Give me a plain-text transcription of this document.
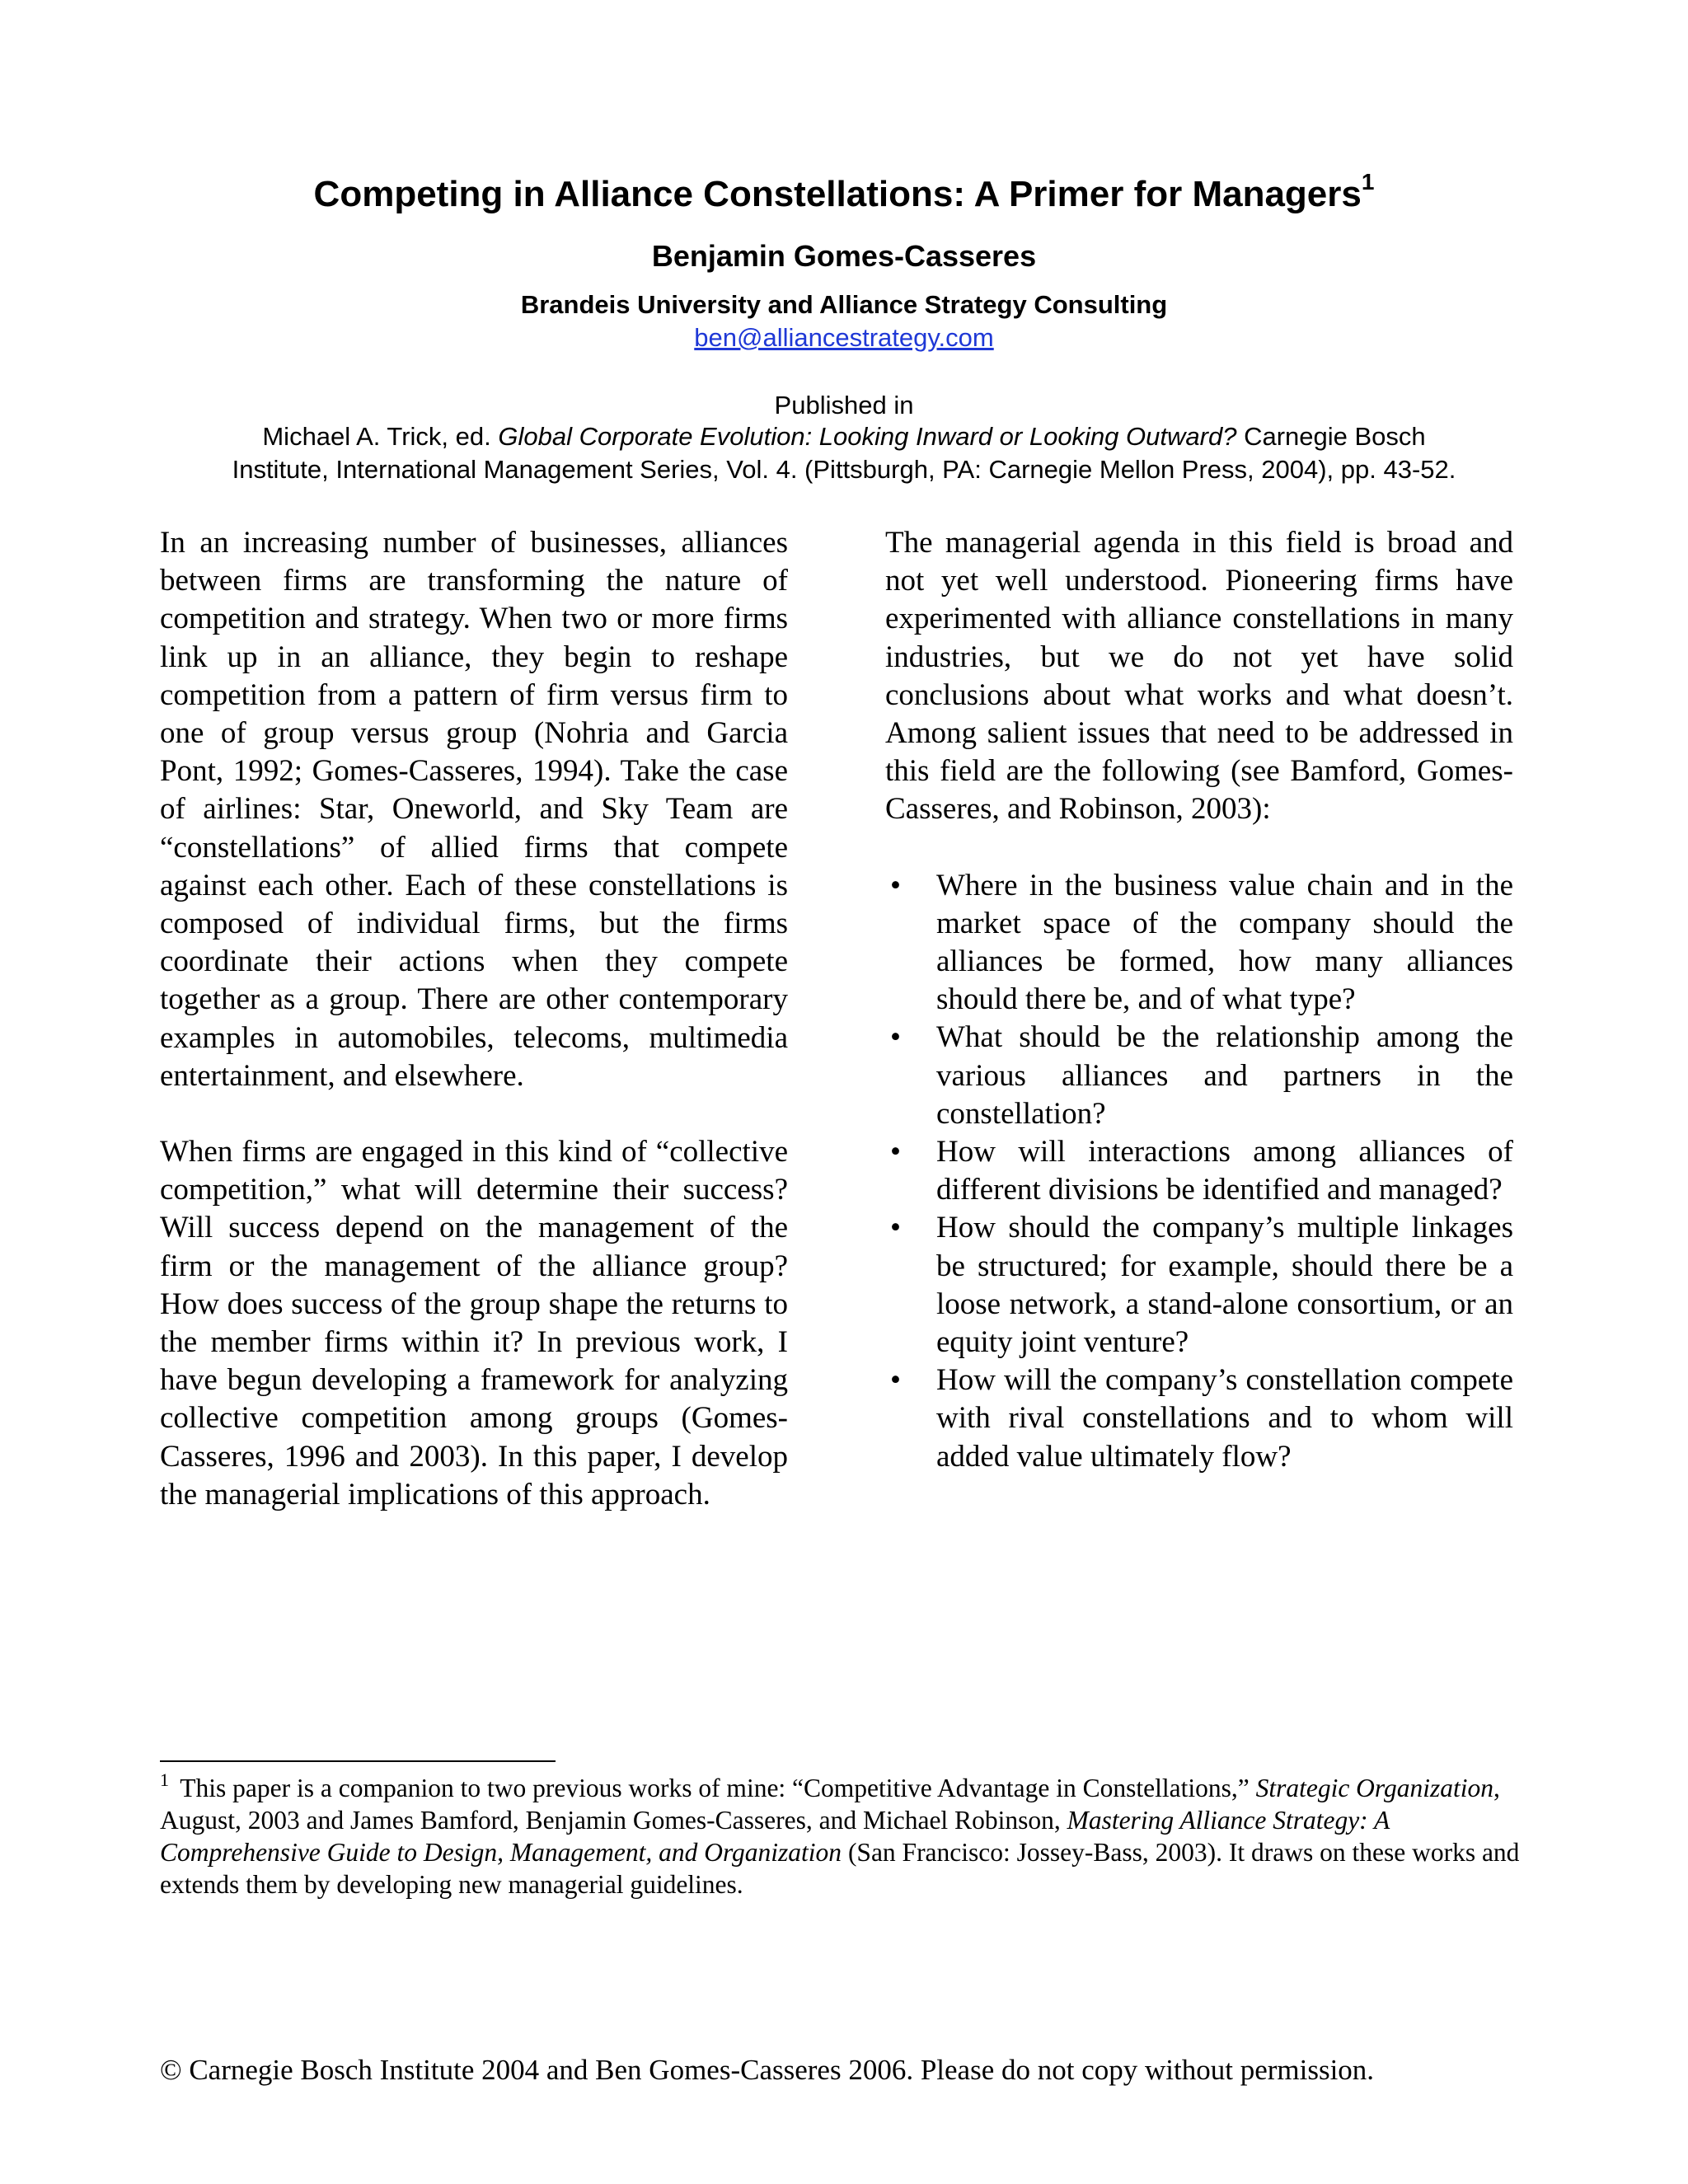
Competing in Alliance Constellations: A Primer for Managers$^1$
Benjamin Gomes-Casseres
Brandeis University and Alliance Strategy Consulting
ben@alliancestrategy.com
Published in
Michael A. Trick, ed. Global Corporate Evolution: Looking Inward or Looking Outward? Carnegie Bosch
Institute, International Management Series, Vol. 4. (Pittsburgh, PA: Carnegie Mellon Press, 2004), pp. 43-52.

In an increasing number of businesses, alliances between firms are transforming the nature of competition and strategy. When two or more firms link up in an alliance, they begin to reshape competition from a pattern of firm versus firm to one of group versus group (Nohria and Garcia Pont, 1992; Gomes-Casseres, 1994). Take the case of airlines: Star, Oneworld, and Sky Team are “constellations” of allied firms that compete against each other. Each of these constellations is composed of individual firms, but the firms coordinate their actions when they compete together as a group. There are other contemporary examples in automobiles, telecoms, multimedia entertainment, and elsewhere.

When firms are engaged in this kind of “collective competition,” what will determine their success? Will success depend on the management of the firm or the management of the alliance group? How does success of the group shape the returns to the member firms within it? In previous work, I have begun developing a framework for analyzing collective competition among groups (Gomes-Casseres, 1996 and 2003). In this paper, I develop the managerial implications of this approach.

The managerial agenda in this field is broad and not yet well understood. Pioneering firms have experimented with alliance constellations in many industries, but we do not yet have solid conclusions about what works and what doesn’t. Among salient issues that need to be addressed in this field are the following (see Bamford, Gomes-Casseres, and Robinson, 2003):

• Where in the business value chain and in the market space of the company should the alliances be formed, how many alliances should there be, and of what type?
• What should be the relationship among the various alliances and partners in the constellation?
• How will interactions among alliances of different divisions be identified and managed?
• How should the company’s multiple linkages be structured; for example, should there be a loose network, a stand-alone consortium, or an equity joint venture?
• How will the company’s constellation compete with rival constellations and to whom will added value ultimately flow?
$^1$ This paper is a companion to two previous works of mine: “Competitive Advantage in Constellations,” Strategic Organization, August, 2003 and James Bamford, Benjamin Gomes-Casseres, and Michael Robinson, Mastering Alliance Strategy: A Comprehensive Guide to Design, Management, and Organization (San Francisco: Jossey-Bass, 2003). It draws on these works and extends them by developing new managerial guidelines.
© Carnegie Bosch Institute 2004 and Ben Gomes-Casseres 2006. Please do not copy without permission.
